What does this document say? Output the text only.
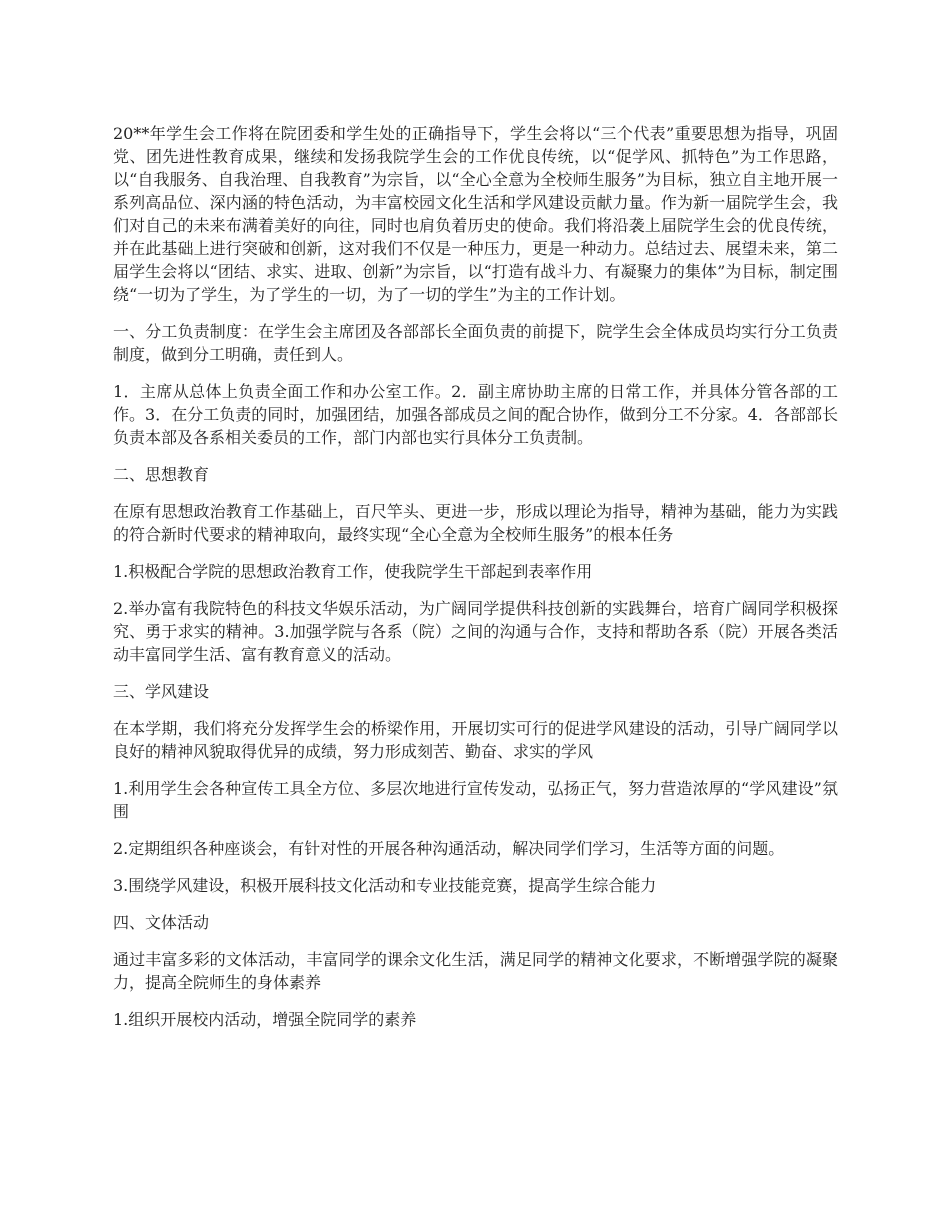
20**年学生会工作将在院团委和学生处的正确指导下，学生会将以“三个代表”重要思想为指导，巩固党、团先进性教育成果，继续和发扬我院学生会的工作优良传统，以“促学风、抓特色”为工作思路，以“自我服务、自我治理、自我教育”为宗旨，以“全心全意为全校师生服务”为目标，独立自主地开展一系列高品位、深内涵的特色活动，为丰富校园文化生活和学风建设贡献力量。作为新一届院学生会，我们对自己的未来布满着美好的向往，同时也肩负着历史的使命。我们将沿袭上届院学生会的优良传统，并在此基础上进行突破和创新，这对我们不仅是一种压力，更是一种动力。总结过去、展望未来，第二届学生会将以“团结、求实、进取、创新”为宗旨，以“打造有战斗力、有凝聚力的集体”为目标，制定围绕“一切为了学生，为了学生的一切，为了一切的学生”为主的工作计划。

一、分工负责制度：在学生会主席团及各部部长全面负责的前提下，院学生会全体成员均实行分工负责制度，做到分工明确，责任到人。

1．主席从总体上负责全面工作和办公室工作。2．副主席协助主席的日常工作，并具体分管各部的工作。3．在分工负责的同时，加强团结，加强各部成员之间的配合协作，做到分工不分家。4．各部部长负责本部及各系相关委员的工作，部门内部也实行具体分工负责制。

二、思想教育

在原有思想政治教育工作基础上，百尺竿头、更进一步，形成以理论为指导，精神为基础，能力为实践的符合新时代要求的精神取向，最终实现“全心全意为全校师生服务”的根本任务

1.积极配合学院的思想政治教育工作，使我院学生干部起到表率作用

2.举办富有我院特色的科技文华娱乐活动，为广阔同学提供科技创新的实践舞台，培育广阔同学积极探究、勇于求实的精神。3.加强学院与各系（院）之间的沟通与合作，支持和帮助各系（院）开展各类活动丰富同学生活、富有教育意义的活动。

三、学风建设

在本学期，我们将充分发挥学生会的桥梁作用，开展切实可行的促进学风建设的活动，引导广阔同学以良好的精神风貌取得优异的成绩，努力形成刻苦、勤奋、求实的学风

1.利用学生会各种宣传工具全方位、多层次地进行宣传发动，弘扬正气，努力营造浓厚的“学风建设”氛围

2.定期组织各种座谈会，有针对性的开展各种沟通活动，解决同学们学习，生活等方面的问题。

3.围绕学风建设，积极开展科技文化活动和专业技能竞赛，提高学生综合能力

四、文体活动

通过丰富多彩的文体活动，丰富同学的课余文化生活，满足同学的精神文化要求，不断增强学院的凝聚力，提高全院师生的身体素养

1.组织开展校内活动，增强全院同学的素养
